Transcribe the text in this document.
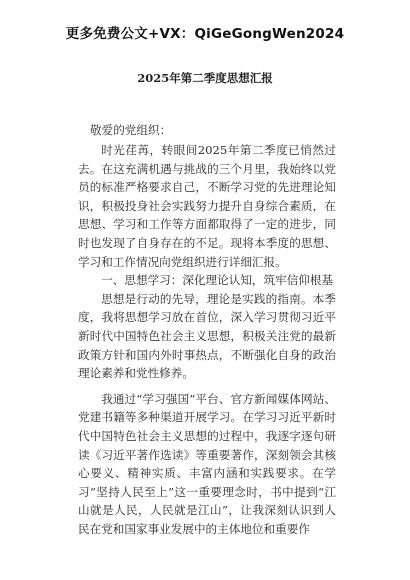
更多免费公文+VX：QiGeGongWen2024
2025年第二季度思想汇报
敬爱的党组织：

时光荏苒，转眼间2025年第二季度已悄然过去。在这充满机遇与挑战的三个月里，我始终以党员的标准严格要求自己，不断学习党的先进理论知识，积极投身社会实践努力提升自身综合素质，在思想、学习和工作等方面都取得了一定的进步，同时也发现了自身存在的不足。现将本季度的思想、学习和工作情况向党组织进行详细汇报。

一、思想学习：深化理论认知，筑牢信仰根基

思想是行动的先导，理论是实践的指南。本季度，我将思想学习放在首位，深入学习贯彻习近平新时代中国特色社会主义思想，积极关注党的最新政策方针和国内外时事热点，不断强化自身的政治理论素养和党性修养。

我通过“学习强国”平台、官方新闻媒体网站、党建书籍等多种渠道开展学习。在学习习近平新时代中国特色社会主义思想的过程中，我逐字逐句研读《习近平著作选读》等重要著作，深刻领会其核心要义、精神实质、丰富内涵和实践要求。在学习“坚持人民至上”这一重要理念时，书中提到“江山就是人民，人民就是江山”，让我深刻认识到人民在党和国家事业发展中的主体地位和重要作
